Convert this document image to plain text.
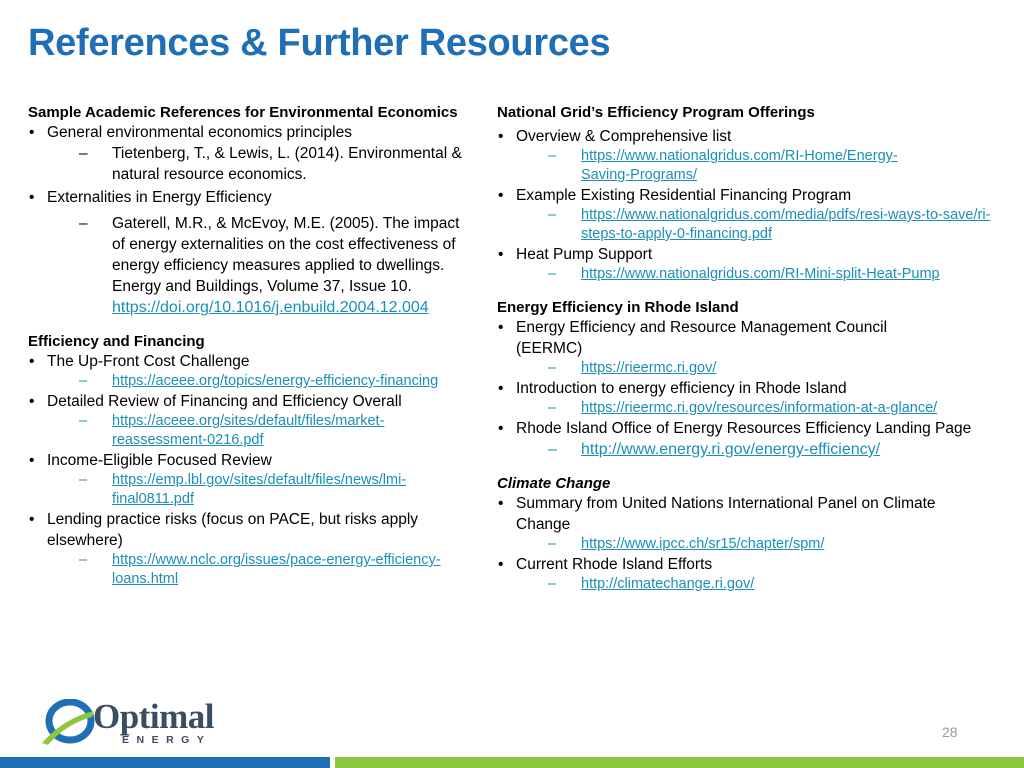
References & Further Resources
Sample Academic References for Environmental Economics
• General environmental economics principles
– Tietenberg, T., & Lewis, L. (2014). Environmental & natural resource economics.
• Externalities in Energy Efficiency
– Gaterell, M.R., & McEvoy, M.E. (2005). The impact of energy externalities on the cost effectiveness of energy efficiency measures applied to dwellings. Energy and Buildings, Volume 37, Issue 10.
https://doi.org/10.1016/j.enbuild.2004.12.004
Efficiency and Financing
• The Up-Front Cost Challenge
– https://aceee.org/topics/energy-efficiency-financing
• Detailed Review of Financing and Efficiency Overall
– https://aceee.org/sites/default/files/market-reassessment-0216.pdf
• Income-Eligible Focused Review
– https://emp.lbl.gov/sites/default/files/news/lmi-final0811.pdf
• Lending practice risks (focus on PACE, but risks apply elsewhere)
– https://www.nclc.org/issues/pace-energy-efficiency-loans.html
National Grid’s Efficiency Program Offerings
• Overview & Comprehensive list
– https://www.nationalgridus.com/RI-Home/Energy-Saving-Programs/
• Example Existing Residential Financing Program
– https://www.nationalgridus.com/media/pdfs/resi-ways-to-save/ri-steps-to-apply-0-financing.pdf
• Heat Pump Support
– https://www.nationalgridus.com/RI-Mini-split-Heat-Pump
Energy Efficiency in Rhode Island
• Energy Efficiency and Resource Management Council (EERMC)
– https://rieermc.ri.gov/
• Introduction to energy efficiency in Rhode Island
– https://rieermc.ri.gov/resources/information-at-a-glance/
• Rhode Island Office of Energy Resources Efficiency Landing Page
– http://www.energy.ri.gov/energy-efficiency/
Climate Change
• Summary from United Nations International Panel on Climate Change
– https://www.ipcc.ch/sr15/chapter/spm/
• Current Rhode Island Efforts
– http://climatechange.ri.gov/
Optimal
ENERGY	28
